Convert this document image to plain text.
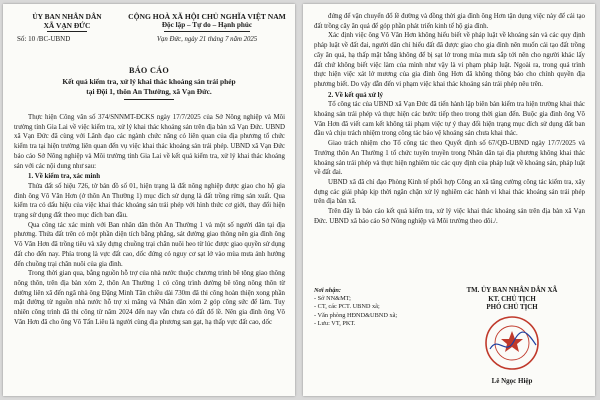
ỦY BAN NHÂN DÂN
XÃ VẠN ĐỨC
Số: 10 /BC-UBND
CỘNG HOÀ XÃ HỘI CHỦ NGHĨA VIỆT NAM
Độc lập – Tự do – Hạnh phúc
Vạn Đức, ngày 21 tháng 7 năm 2025
BÁO CÁO
Kết quả kiểm tra, xử lý khai thác khoáng sản trái phép
tại Đội 1, thôn An Thường, xã Vạn Đức.

Thực hiện Công văn số 374/SNNMT-ĐCKS ngày 17/7/2025 của Sở Nông nghiệp và Môi trường tỉnh Gia Lai về việc kiểm tra, xử lý khai thác khoáng sản trên địa bàn xã Vạn Đức. UBND xã Vạn Đức đã cùng với Lãnh đạo các ngành chức năng có liên quan của địa phương tổ chức kiểm tra tại hiện trường liên quan đến vụ việc khai thác khoáng sản trái phép. UBND xã Vạn Đức báo cáo Sở Nông nghiệp và Môi trường tỉnh Gia Lai về kết quả kiểm tra, xử lý khai thác khoáng sản với các nội dung như sau:

1. Về kiểm tra, xác minh

Thửa đất số hiệu 726, tờ bản đồ số 01, hiện trạng là đất nông nghiệp được giao cho hộ gia đình ông Võ Văn Hơn (ở thôn An Thường 1) mục đích sử dụng là đất trồng rừng sản xuất. Qua kiểm tra có dấu hiệu của việc khai thác khoáng sản trái phép với hình thức cơ giới, thay đổi hiện trạng sử dụng đất theo mục đích ban đầu.

Qua công tác xác minh với Ban nhân dân thôn An Thường 1 và một số người dân tại địa phương. Thửa đất trên có một phần diện tích bằng phẳng, sát đường giao thông nên gia đình ông Võ Văn Hơn đã trồng tiêu và xây dựng chuồng trại chăn nuôi heo từ lúc được giao quyền sử dụng đất cho đến nay. Phía trong là vực đất cao, dốc đứng có nguy cơ sạt lở vào mùa mưa ảnh hưởng đến chuồng trại chăn nuôi của gia đình.

Trong thời gian qua, bằng nguồn hỗ trợ của nhà nước thuộc chương trình bê tông giao thông nông thôn, trên địa bàn xóm 2, thôn An Thường 1 có công trình đường bê tông nông thôn từ đường liên xã đến ngã nhà ông Đặng Minh Tân chiều dài 730m đã thi công hoàn thiện xong phần mặt đường từ nguồn nhà nước hỗ trợ xi măng và Nhân dân xóm 2 góp công sức để làm. Tuy nhiên công trình đã thi công từ năm 2024 đến nay vẫn chưa có đất đổ lề. Nên gia đình ông Võ Văn Hơn đã cho ông Võ Tấn Liêu là người cùng địa phương san gạt, hạ thấp vực đất cao, dốc

đứng để vận chuyển đổ lề đường và đồng thời gia đình ông Hơn tận dụng việc này để cải tạo đất trồng cây ăn quả để góp phần phát triển kinh tế hộ gia đình.

Xác định việc ông Võ Văn Hơn không hiểu biết về pháp luật về khoáng sản và các quy định pháp luật về đất đai, người dân chỉ hiểu đất đã được giao cho gia đình nên muốn cải tạo đất trồng cây ăn quả, hạ thấp mặt bằng không để bị sạt lở trong mùa mưa sắp tới nên cho người khác lấy đất chứ không biết việc làm của mình như vậy là vi phạm pháp luật. Ngoài ra, trong quá trình thực hiện việc xát lở mương của gia đình ông Hơn đã không thông báo cho chính quyền địa phương biết. Do vậy dẫn đến vi phạm việc khai thác khoáng sản trái phép nêu trên.

2. Về kết quả xử lý

Tổ công tác của UBND xã Vạn Đức đã tiến hành lập biên bản kiểm tra hiện trường khai thác khoáng sản trái phép và thực hiện các bước tiếp theo trong thời gian đến. Buộc gia đình ông Võ Văn Hơn đã viết cam kết không tái phạm việc tự ý thay đổi hiện trạng mục đích sử dụng đất ban đầu và chịu trách nhiệm trong công tác bảo vệ khoáng sản chưa khai thác.

Giao trách nhiệm cho Tổ công tác theo Quyết định số 67/QĐ-UBND ngày 17/7/2025 và Trưởng thôn An Thường 1 tổ chức tuyên truyền trong Nhân dân tại địa phương không khai thác khoáng sản trái phép và thực hiện nghiêm túc các quy định của pháp luật về khoáng sản, pháp luật về đất đai.

UBND xã đã chỉ đạo Phòng Kinh tế phối hợp Công an xã tăng cường công tác kiểm tra, xây dựng các giải pháp kịp thời ngăn chặn xử lý nghiêm các hành vi khai thác khoáng sản trái phép trên địa bàn xã.

Trên đây là báo cáo kết quả kiểm tra, xử lý việc khai thác khoáng sản trên địa bàn xã Vạn Đức. UBND xã báo cáo Sở Nông nghiệp và Môi trường theo dõi./.

Nơi nhận:
- Sở NN&MT;
- CT, các PCT. UBND xã;
- Văn phòng HĐND&UBND xã;
- Lưu: VT, PKT.
TM. ỦY BAN NHÂN DÂN XÃ
KT. CHỦ TỊCH
PHÓ CHỦ TỊCH
Lê Ngọc Hiệp
